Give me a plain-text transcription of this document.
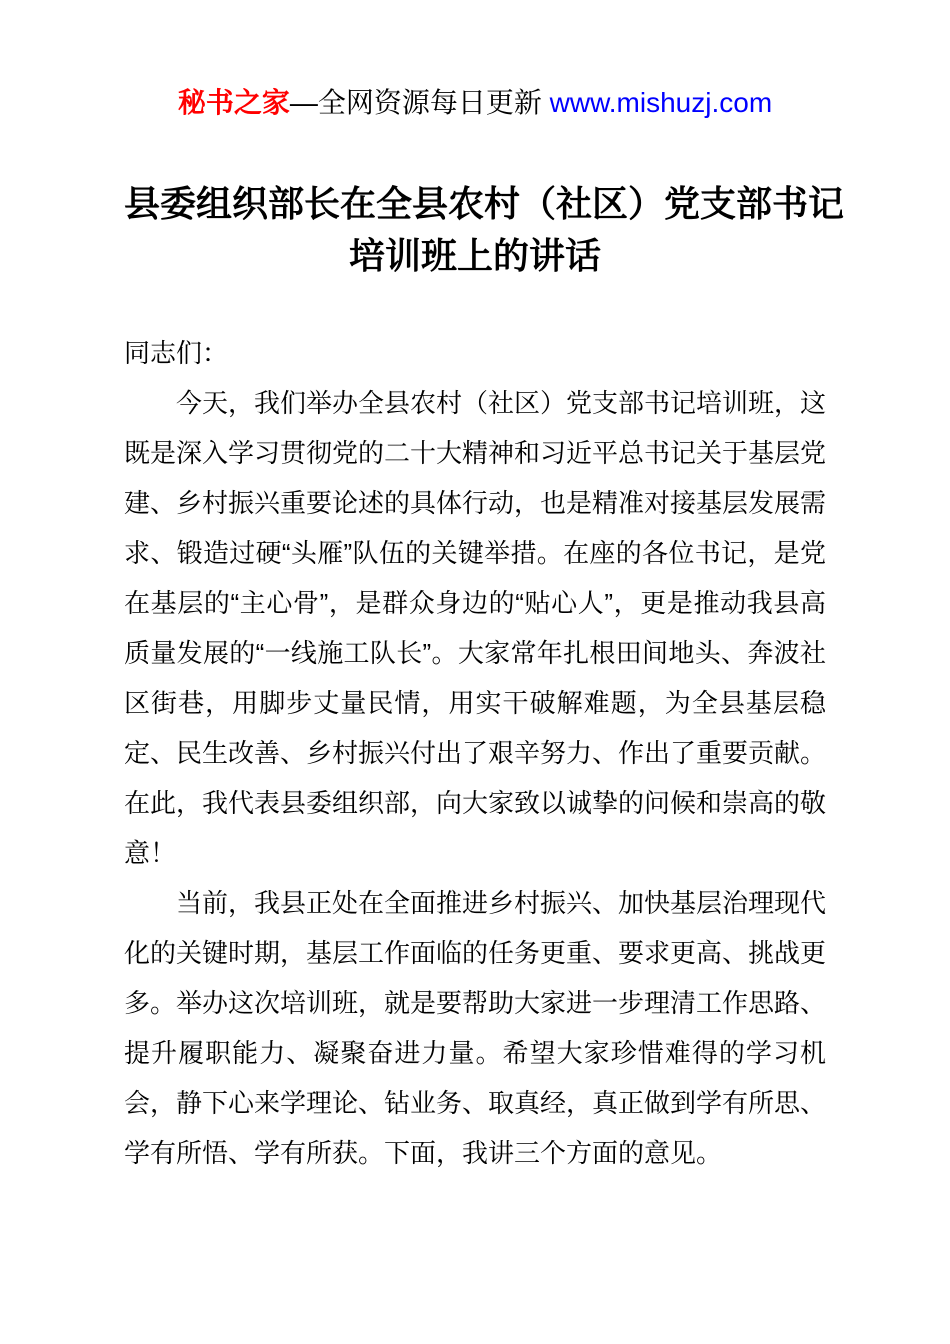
秘书之家—全网资源每日更新 www.mishuzj.com
县委组织部长在全县农村（社区）党支部书记
培训班上的讲话

同志们：

今天，我们举办全县农村（社区）党支部书记培训班，这既是深入学习贯彻党的二十大精神和习近平总书记关于基层党建、乡村振兴重要论述的具体行动，也是精准对接基层发展需求、锻造过硬“头雁”队伍的关键举措。在座的各位书记，是党在基层的“主心骨”，是群众身边的“贴心人”，更是推动我县高质量发展的“一线施工队长”。大家常年扎根田间地头、奔波社区街巷，用脚步丈量民情，用实干破解难题，为全县基层稳定、民生改善、乡村振兴付出了艰辛努力、作出了重要贡献。在此，我代表县委组织部，向大家致以诚挚的问候和崇高的敬意！

当前，我县正处在全面推进乡村振兴、加快基层治理现代化的关键时期，基层工作面临的任务更重、要求更高、挑战更多。举办这次培训班，就是要帮助大家进一步理清工作思路、提升履职能力、凝聚奋进力量。希望大家珍惜难得的学习机会，静下心来学理论、钻业务、取真经，真正做到学有所思、学有所悟、学有所获。下面，我讲三个方面的意见。
